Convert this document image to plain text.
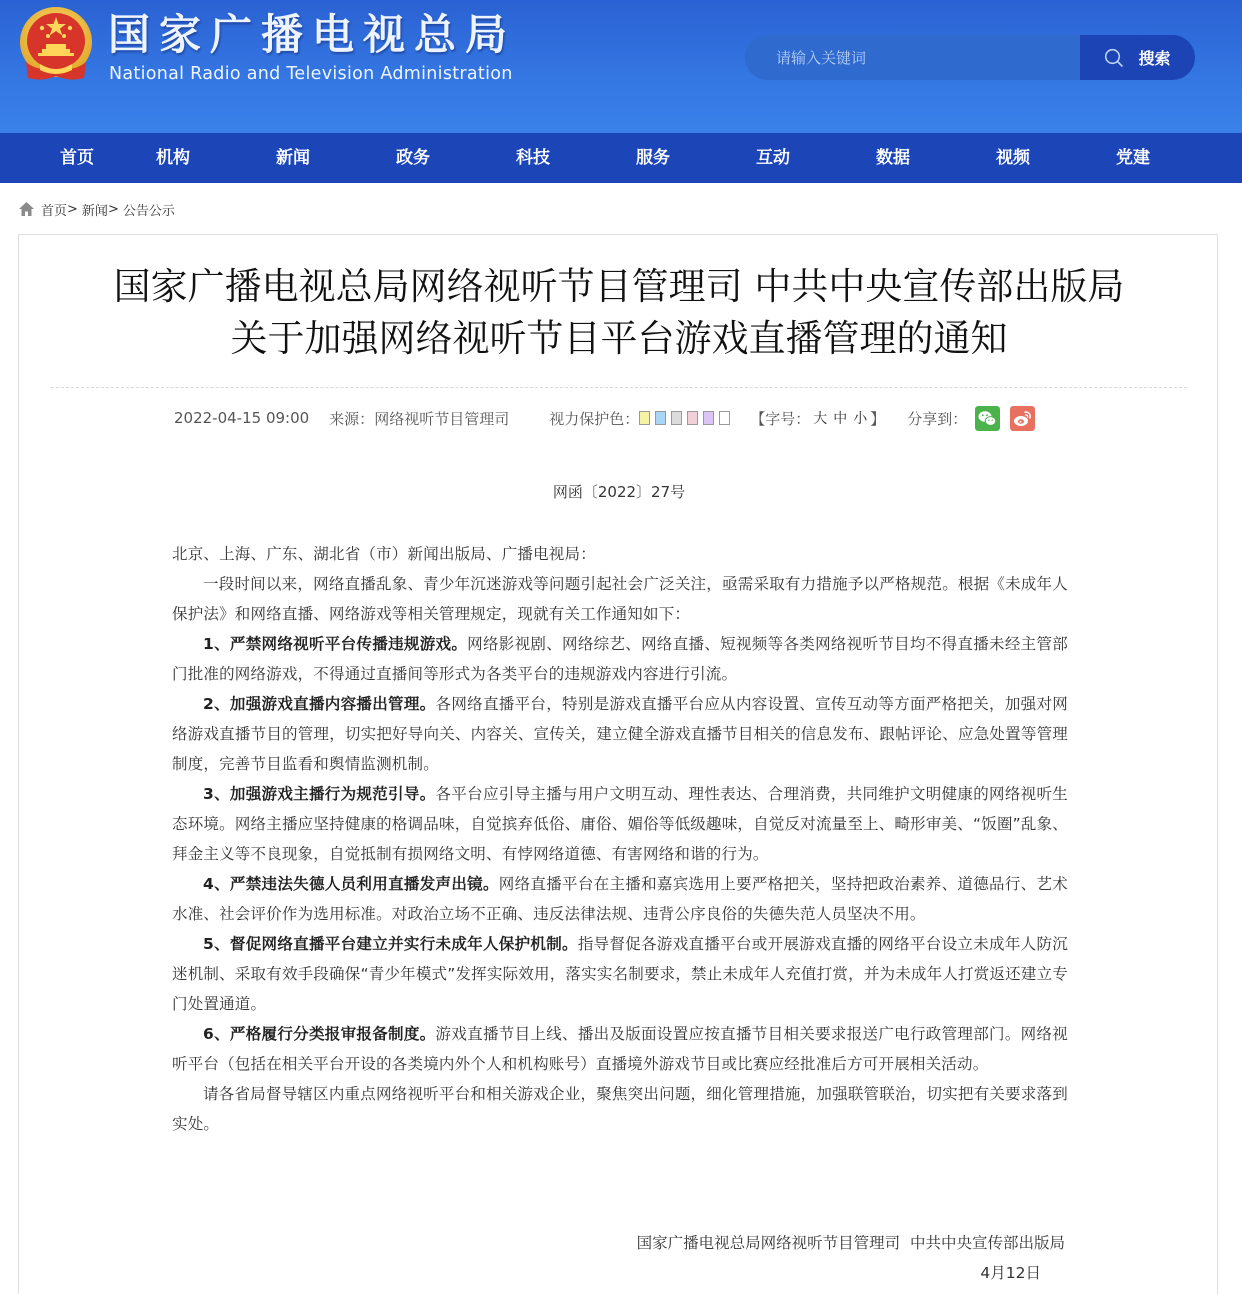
国家广播电视总局
National Radio and Television Administration
请输入关键词
搜索
首页	机构	新闻	政务	科技	服务	互动	数据	视频	党建
首页 > 新闻 > 公告公示
国家广播电视总局网络视听节目管理司 中共中央宣传部出版局
关于加强网络视听节目平台游戏直播管理的通知
2022-04-15 09:00 来源：网络视听节目管理司	视力保护色：	【字号： 大 中 小 】 分享到：
网函〔2022〕27号

北京、上海、广东、湖北省（市）新闻出版局、广播电视局：

一段时间以来，网络直播乱象、青少年沉迷游戏等问题引起社会广泛关注，亟需采取有力措施予以严格规范。根据《未成年人保护法》和网络直播、网络游戏等相关管理规定，现就有关工作通知如下：

1、严禁网络视听平台传播违规游戏。网络影视剧、网络综艺、网络直播、短视频等各类网络视听节目均不得直播未经主管部门批准的网络游戏，不得通过直播间等形式为各类平台的违规游戏内容进行引流。

2、加强游戏直播内容播出管理。各网络直播平台，特别是游戏直播平台应从内容设置、宣传互动等方面严格把关，加强对网络游戏直播节目的管理，切实把好导向关、内容关、宣传关，建立健全游戏直播节目相关的信息发布、跟帖评论、应急处置等管理制度，完善节目监看和舆情监测机制。

3、加强游戏主播行为规范引导。各平台应引导主播与用户文明互动、理性表达、合理消费，共同维护文明健康的网络视听生态环境。网络主播应坚持健康的格调品味，自觉摈弃低俗、庸俗、媚俗等低级趣味，自觉反对流量至上、畸形审美、“饭圈”乱象、拜金主义等不良现象，自觉抵制有损网络文明、有悖网络道德、有害网络和谐的行为。

4、严禁违法失德人员利用直播发声出镜。网络直播平台在主播和嘉宾选用上要严格把关，坚持把政治素养、道德品行、艺术水准、社会评价作为选用标准。对政治立场不正确、违反法律法规、违背公序良俗的失德失范人员坚决不用。

5、督促网络直播平台建立并实行未成年人保护机制。指导督促各游戏直播平台或开展游戏直播的网络平台设立未成年人防沉迷机制、采取有效手段确保“青少年模式”发挥实际效用，落实实名制要求，禁止未成年人充值打赏，并为未成年人打赏返还建立专门处置通道。

6、严格履行分类报审报备制度。游戏直播节目上线、播出及版面设置应按直播节目相关要求报送广电行政管理部门。网络视听平台（包括在相关平台开设的各类境内外个人和机构账号）直播境外游戏节目或比赛应经批准后方可开展相关活动。

请各省局督导辖区内重点网络视听平台和相关游戏企业，聚焦突出问题，细化管理措施，加强联管联治，切实把有关要求落到实处。

国家广播电视总局网络视听节目管理司  中共中央宣传部出版局
4月12日
